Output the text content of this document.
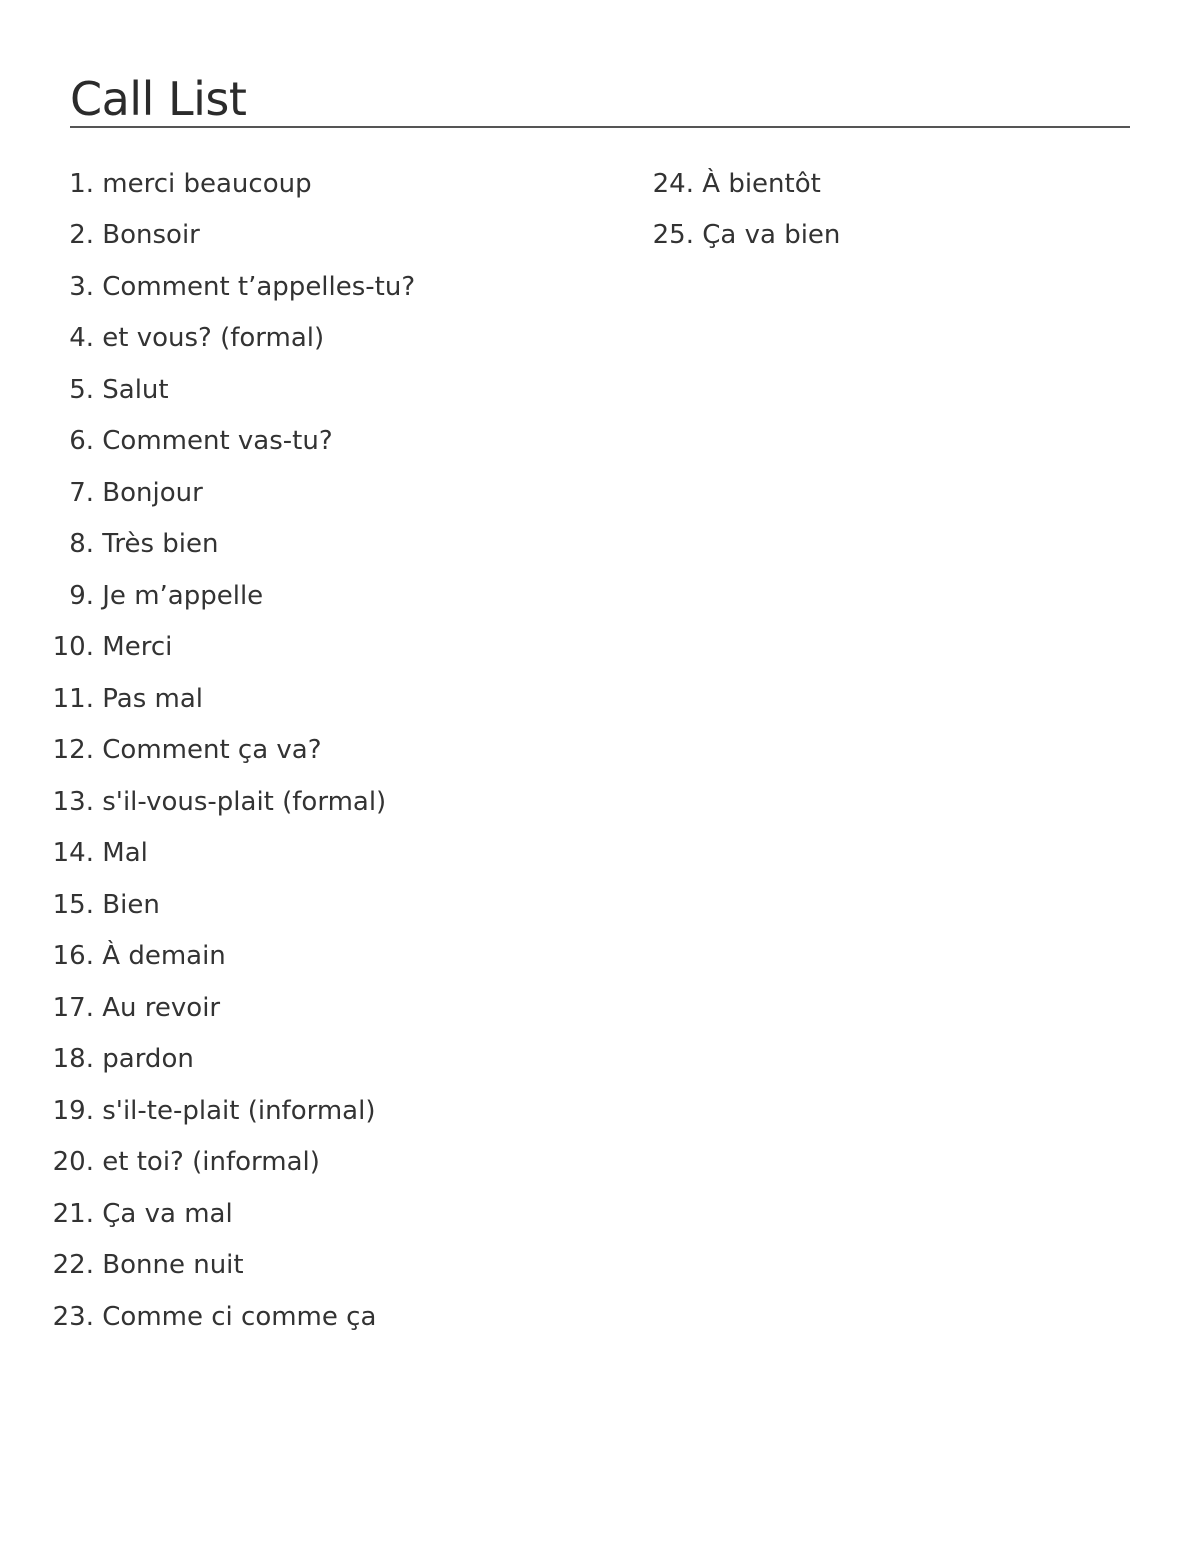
Call List
1.
merci beaucoup
2.
Bonsoir
3.
Comment t’appelles-tu?
4.
et vous? (formal)
5.
Salut
6.
Comment vas-tu?
7.
Bonjour
8.
Très bien
9.
Je m’appelle
10.
Merci
11.
Pas mal
12.
Comment ça va?
13.
s'il-vous-plait (formal)
14.
Mal
15.
Bien
16.
À demain
17.
Au revoir
18.
pardon
19.
s'il-te-plait (informal)
20.
et toi? (informal)
21.
Ça va mal
22.
Bonne nuit
23.
Comme ci comme ça
24.
À bientôt
25.
Ça va bien
